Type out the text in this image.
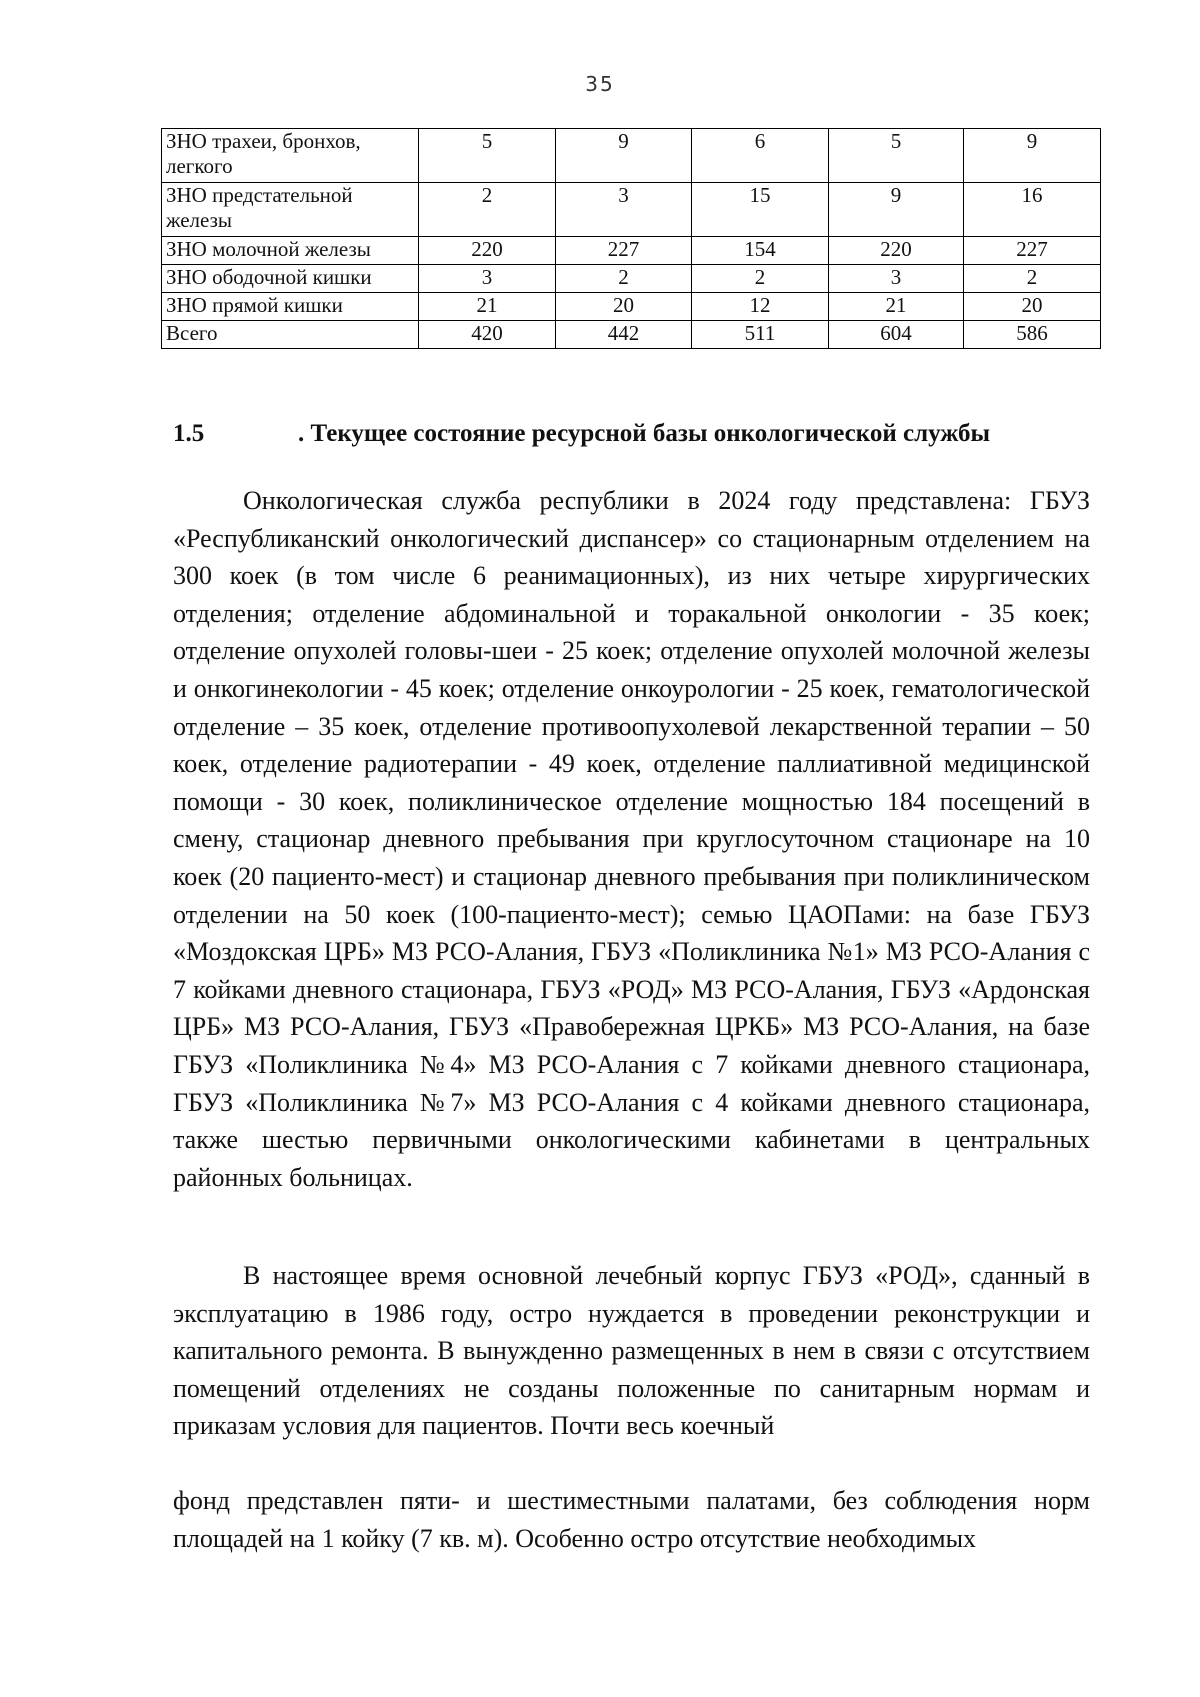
35
ЗНО трахеи, бронхов, легкого	5	9	6	5	9
ЗНО предстательной железы	2	3	15	9	16
ЗНО молочной железы	220	227	154	220	227
ЗНО ободочной кишки	3	2	2	3	2
ЗНО прямой кишки	21	20	12	21	20
Всего	420	442	511	604	586
1.5	. Текущее состояние ресурсной базы онкологической службы

Онкологическая служба республики в 2024 году представлена: ГБУЗ «Республиканский онкологический диспансер» со стационарным отделением на 300 коек (в том числе 6 реанимационных), из них четыре хирургических отделения; отделение абдоминальной и торакальной онкологии - 35 коек; отделение опухолей головы-шеи - 25 коек; отделение опухолей молочной железы и онкогинекологии - 45 коек; отделение онкоурологии - 25 коек, гематологической отделение – 35 коек, отделение противоопухолевой лекарственной терапии – 50 коек, отделение радиотерапии - 49 коек, отделение паллиативной медицинской помощи - 30 коек, поликлиническое отделение мощностью 184 посещений в смену, стационар дневного пребывания при круглосуточном стационаре на 10 коек (20 пациенто-мест) и стационар дневного пребывания при поликлиническом отделении на 50 коек (100-пациенто-мест); семью ЦАОПами: на базе ГБУЗ «Моздокская ЦРБ» МЗ РСО-Алания, ГБУЗ «Поликлиника №1» МЗ РСО-Алания с 7 койками дневного стационара, ГБУЗ «РОД» МЗ РСО-Алания, ГБУЗ «Ардонская ЦРБ» МЗ РСО-Алания, ГБУЗ «Правобережная ЦРКБ» МЗ РСО-Алания, на базе ГБУЗ «Поликлиника №4» МЗ РСО-Алания с 7 койками дневного стационара, ГБУЗ «Поликлиника №7» МЗ РСО-Алания с 4 койками дневного стационара, также шестью первичными онкологическими кабинетами в центральных районных больницах.

В настоящее время основной лечебный корпус ГБУЗ «РОД», сданный в эксплуатацию в 1986 году, остро нуждается в проведении реконструкции и капитального ремонта. В вынужденно размещенных в нем в связи с отсутствием помещений отделениях не созданы положенные по санитарным нормам и приказам условия для пациентов. Почти весь коечный

фонд представлен пяти- и шестиместными палатами, без соблюдения норм площадей на 1 койку (7 кв. м). Особенно остро отсутствие необходимых
